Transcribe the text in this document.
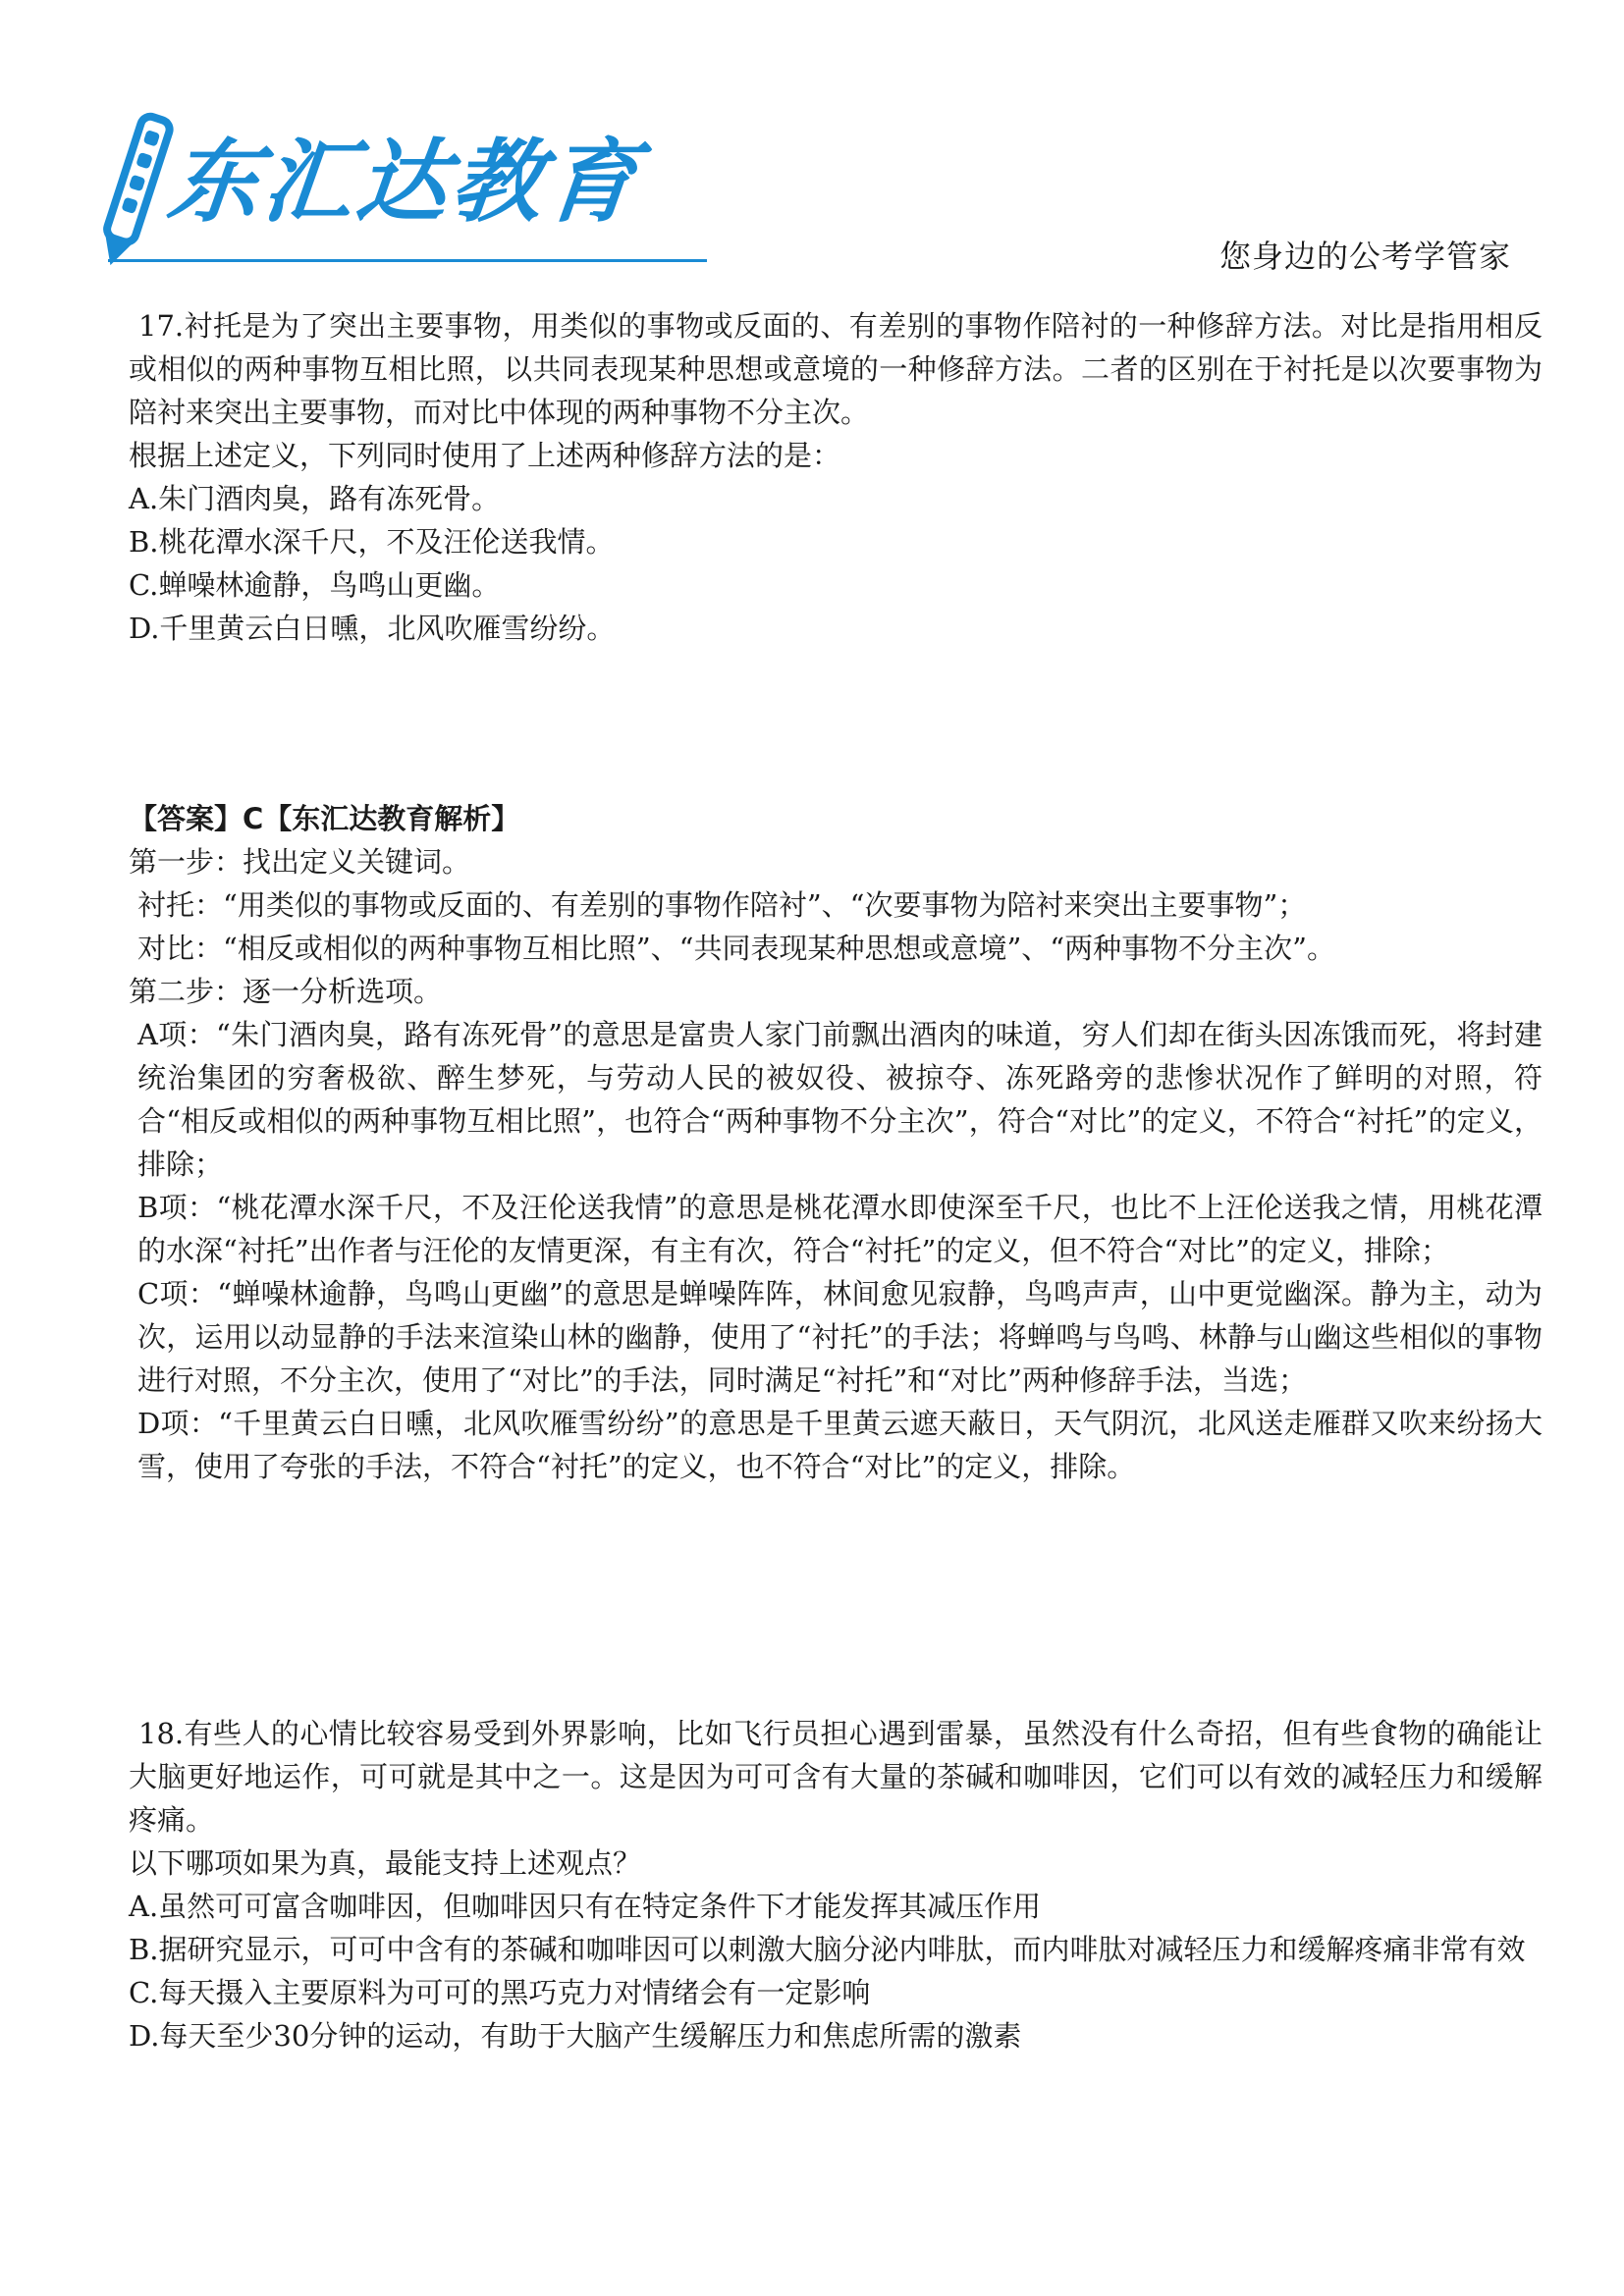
东汇达教育
您身边的公考学管家

17.衬托是为了突出主要事物，用类似的事物或反面的、有差别的事物作陪衬的一种修辞方法。对比是指用相反或相似的两种事物互相比照，以共同表现某种思想或意境的一种修辞方法。二者的区别在于衬托是以次要事物为陪衬来突出主要事物，而对比中体现的两种事物不分主次。

根据上述定义，下列同时使用了上述两种修辞方法的是：

A.朱门酒肉臭，路有冻死骨。

B.桃花潭水深千尺，不及汪伦送我情。

C.蝉噪林逾静，鸟鸣山更幽。

D.千里黄云白日曛，北风吹雁雪纷纷。

【答案】C【东汇达教育解析】

第一步：找出定义关键词。

衬托：“用类似的事物或反面的、有差别的事物作陪衬”、“次要事物为陪衬来突出主要事物”；

对比：“相反或相似的两种事物互相比照”、“共同表现某种思想或意境”、“两种事物不分主次”。

第二步：逐一分析选项。

A项：“朱门酒肉臭，路有冻死骨”的意思是富贵人家门前飘出酒肉的味道，穷人们却在街头因冻饿而死，将封建统治集团的穷奢极欲、醉生梦死，与劳动人民的被奴役、被掠夺、冻死路旁的悲惨状况作了鲜明的对照，符合“相反或相似的两种事物互相比照”，也符合“两种事物不分主次”，符合“对比”的定义，不符合“衬托”的定义，排除；

B项：“桃花潭水深千尺，不及汪伦送我情”的意思是桃花潭水即使深至千尺，也比不上汪伦送我之情，用桃花潭的水深“衬托”出作者与汪伦的友情更深，有主有次，符合“衬托”的定义，但不符合“对比”的定义，排除；

C项：“蝉噪林逾静，鸟鸣山更幽”的意思是蝉噪阵阵，林间愈见寂静，鸟鸣声声，山中更觉幽深。静为主，动为次，运用以动显静的手法来渲染山林的幽静，使用了“衬托”的手法；将蝉鸣与鸟鸣、林静与山幽这些相似的事物进行对照，不分主次，使用了“对比”的手法，同时满足“衬托”和“对比”两种修辞手法，当选；

D项：“千里黄云白日曛，北风吹雁雪纷纷”的意思是千里黄云遮天蔽日，天气阴沉，北风送走雁群又吹来纷扬大雪，使用了夸张的手法，不符合“衬托”的定义，也不符合“对比”的定义，排除。

18.有些人的心情比较容易受到外界影响，比如飞行员担心遇到雷暴，虽然没有什么奇招，但有些食物的确能让大脑更好地运作，可可就是其中之一。这是因为可可含有大量的茶碱和咖啡因，它们可以有效的减轻压力和缓解疼痛。

以下哪项如果为真，最能支持上述观点？

A.虽然可可富含咖啡因，但咖啡因只有在特定条件下才能发挥其减压作用

B.据研究显示，可可中含有的茶碱和咖啡因可以刺激大脑分泌内啡肽，而内啡肽对减轻压力和缓解疼痛非常有效

C.每天摄入主要原料为可可的黑巧克力对情绪会有一定影响

D.每天至少30分钟的运动，有助于大脑产生缓解压力和焦虑所需的激素
